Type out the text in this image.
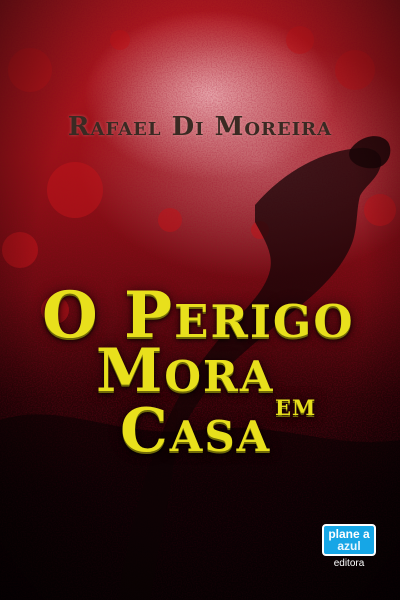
Rafael Di Moreira
O Perigo
Mora em
Casa
plane a
azul
editora
